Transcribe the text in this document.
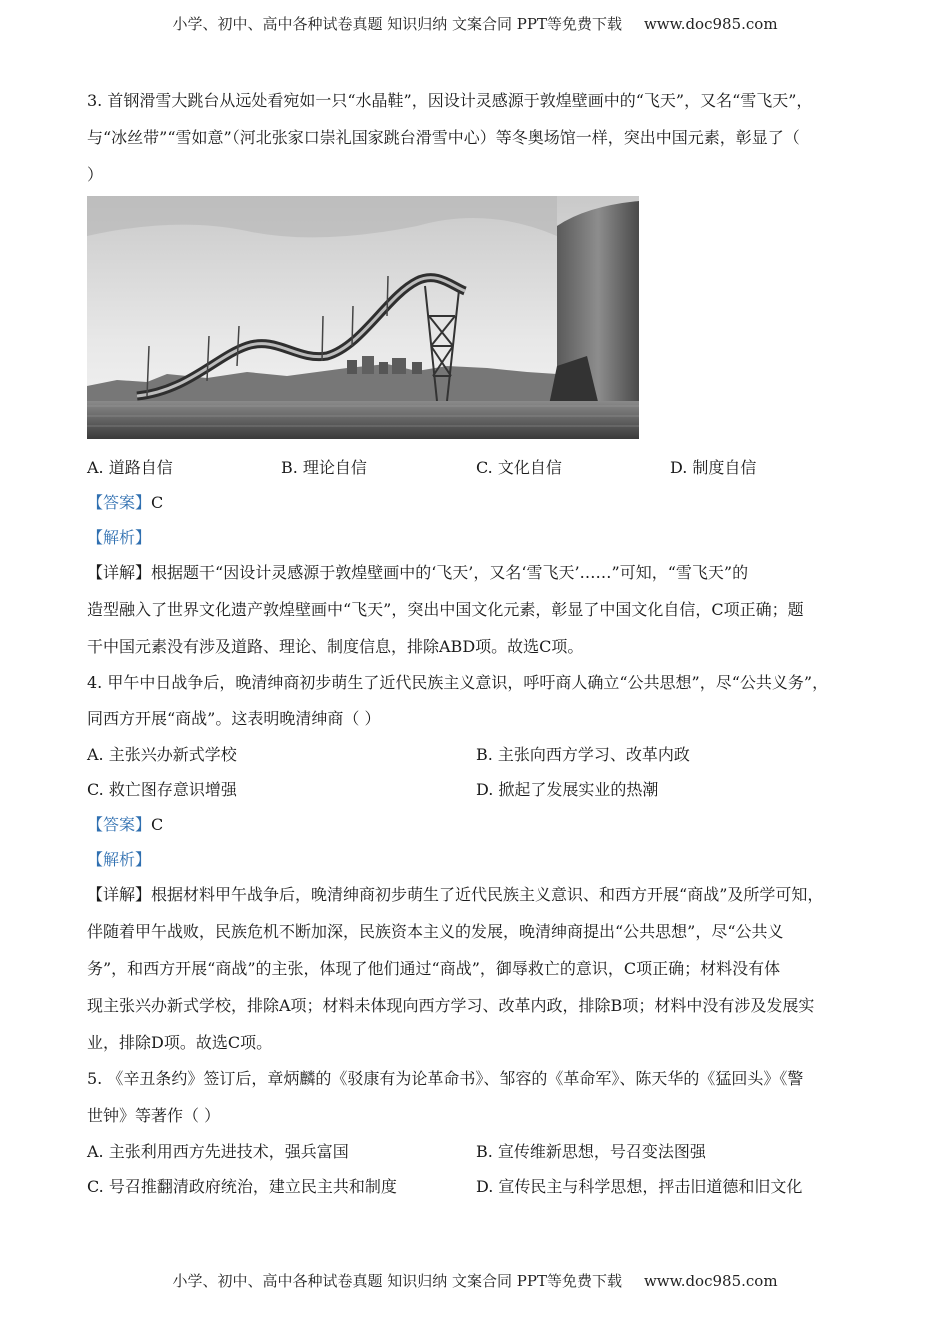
小学、初中、高中各种试卷真题 知识归纳 文案合同 PPT等免费下载 www.doc985.com
3. 首钢滑雪大跳台从远处看宛如一只“水晶鞋”，因设计灵感源于敦煌壁画中的“飞天”，又名“雪飞天”，
与“冰丝带”“雪如意”（河北张家口崇礼国家跳台滑雪中心）等冬奥场馆一样，突出中国元素，彰显了（
）
A. 道路自信	B. 理论自信	C. 文化自信	D. 制度自信
【答案】C
【解析】
【详解】根据题干“因设计灵感源于敦煌壁画中的‘飞天’，又名‘雪飞天’……”可知，“雪飞天”的
造型融入了世界文化遗产敦煌壁画中“飞天”，突出中国文化元素，彰显了中国文化自信，C项正确；题
干中国元素没有涉及道路、理论、制度信息，排除ABD项。故选C项。
4. 甲午中日战争后，晚清绅商初步萌生了近代民族主义意识，呼吁商人确立“公共思想”，尽“公共义务”，
同西方开展“商战”。这表明晚清绅商（ ）
A. 主张兴办新式学校	B. 主张向西方学习、改革内政
C. 救亡图存意识增强	D. 掀起了发展实业的热潮
【答案】C
【解析】
【详解】根据材料甲午战争后，晚清绅商初步萌生了近代民族主义意识、和西方开展“商战”及所学可知，
伴随着甲午战败，民族危机不断加深，民族资本主义的发展，晚清绅商提出“公共思想”，尽“公共义
务”，和西方开展“商战”的主张，体现了他们通过“商战”，御辱救亡的意识，C项正确；材料没有体
现主张兴办新式学校，排除A项；材料未体现向西方学习、改革内政，排除B项；材料中没有涉及发展实
业，排除D项。故选C项。
5. 《辛丑条约》签订后，章炳麟的《驳康有为论革命书》、邹容的《革命军》、陈天华的《猛回头》《警
世钟》等著作（ ）
A. 主张利用西方先进技术，强兵富国	B. 宣传维新思想，号召变法图强
C. 号召推翻清政府统治，建立民主共和制度	D. 宣传民主与科学思想，抨击旧道德和旧文化
小学、初中、高中各种试卷真题 知识归纳 文案合同 PPT等免费下载 www.doc985.com
